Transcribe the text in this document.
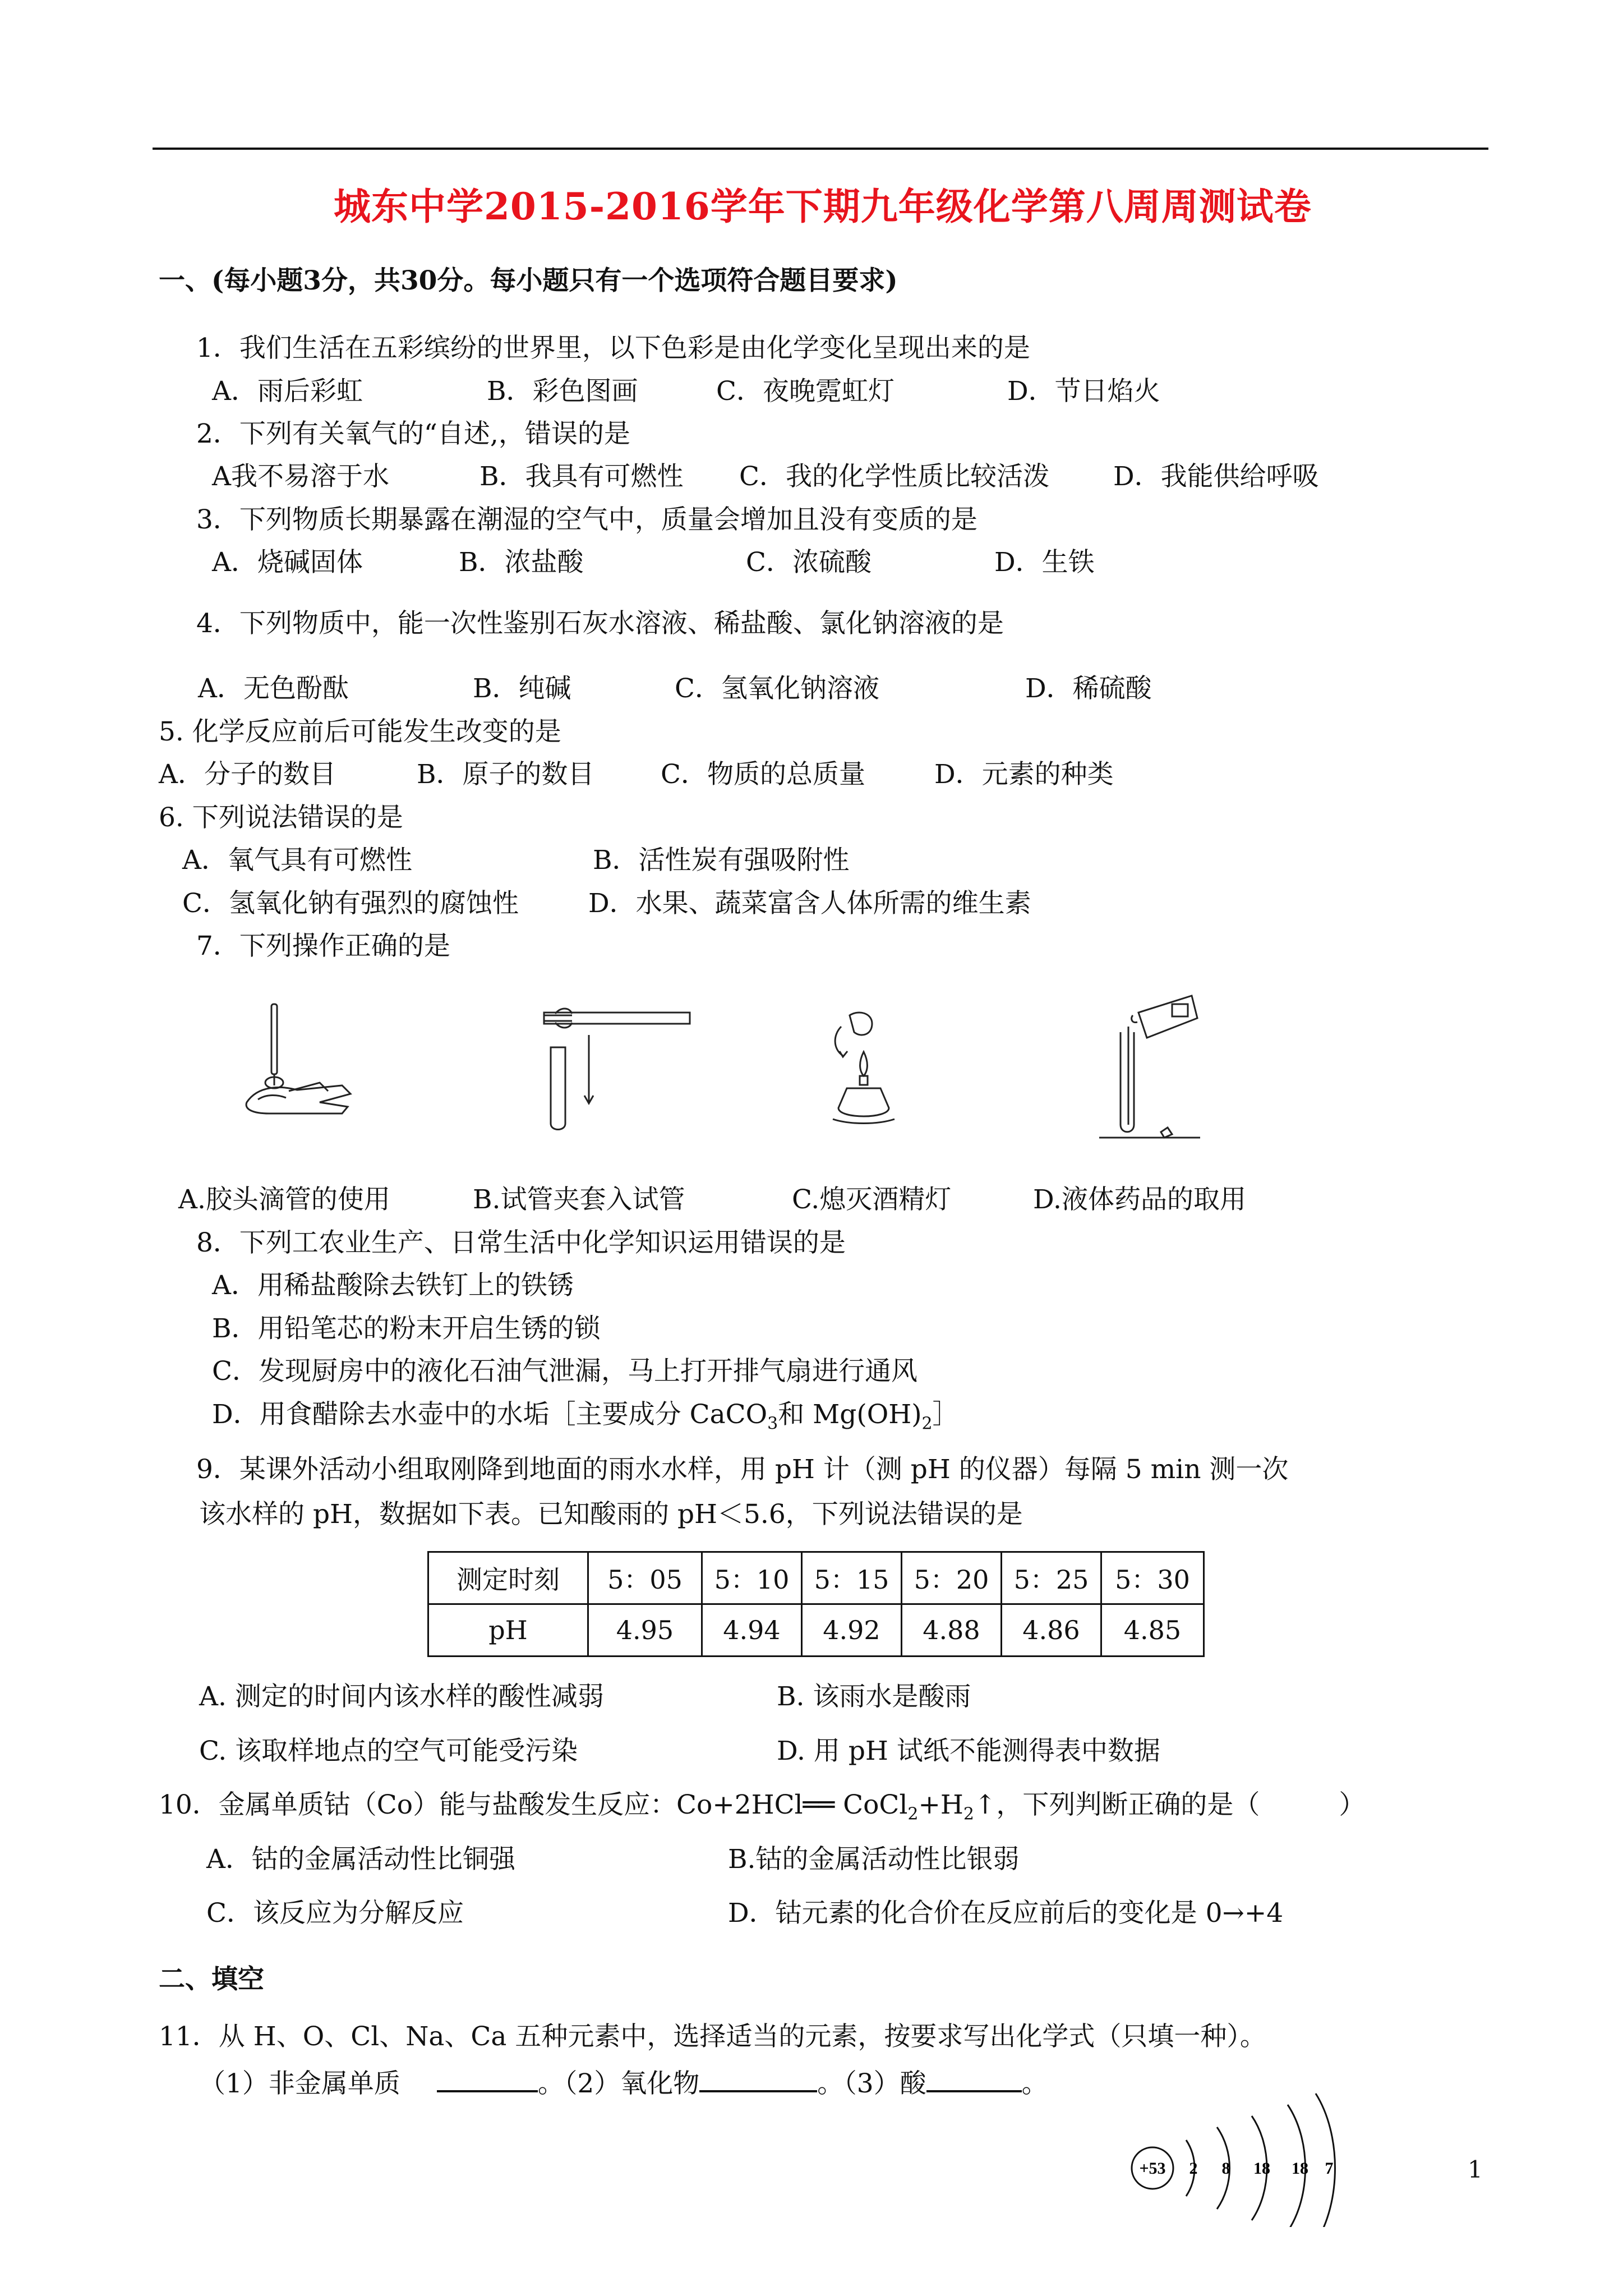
城东中学2015-2016学年下期九年级化学第八周周测试卷
一、(每小题3分，共30分。每小题只有一个选项符合题目要求)
1．我们生活在五彩缤纷的世界里，以下色彩是由化学变化呈现出来的是
A．雨后彩虹	B．彩色图画	C．夜晚霓虹灯	D．节日焰火
2．下列有关氧气的“自述,，错误的是
A我不易溶于水	B．我具有可燃性 C．我的化学性质比较活泼 D．我能供给呼吸
3．下列物质长期暴露在潮湿的空气中，质量会增加且没有变质的是
A．烧碱固体	B．浓盐酸	C．浓硫酸	D．生铁
4．下列物质中，能一次性鉴别石灰水溶液、稀盐酸、氯化钠溶液的是
A．无色酚酞	B．纯碱	C．氢氧化钠溶液	D．稀硫酸
5. 化学反应前后可能发生改变的是
A．分子的数目	B．原子的数目	C．物质的总质量	D．元素的种类
6. 下列说法错误的是
A．氧气具有可燃性	B．活性炭有强吸附性
C．氢氧化钠有强烈的腐蚀性	D．水果、蔬菜富含人体所需的维生素
7．下列操作正确的是
A.胶头滴管的使用	B.试管夹套入试管	C.熄灭酒精灯	D.液体药品的取用
8．下列工农业生产、日常生活中化学知识运用错误的是
A．用稀盐酸除去铁钉上的铁锈
B．用铅笔芯的粉末开启生锈的锁
C．发现厨房中的液化石油气泄漏，马上打开排气扇进行通风
D．用食醋除去水壶中的水垢［主要成分 CaCO$_3$和 $Mg(OH)_2]$
9．某课外活动小组取刚降到地面的雨水水样，用 pH 计（测 pH 的仪器）每隔 5 min 测一次
该水样的 pH，数据如下表。已知酸雨的 pH＜5.6，下列说法错误的是
测定时刻	5：05	5：10	5：15	5：20	5：25	5：30
pH	4.95	4.94	4.92	4.88	4.86	4.85
A. 测定的时间内该水样的酸性减弱	B. 该雨水是酸雨
C. 该取样地点的空气可能受污染	D. 用 pH 试纸不能测得表中数据
10．金属单质钴（Co）能与盐酸发生反应：Co+2HCl══ $CoCl_2+H_2↑$，下列判断正确的是（　　　）
A．钴的金属活动性比铜强	B.钴的金属活动性比银弱
C．该反应为分解反应	D．钴元素的化合价在反应前后的变化是 0→+4
二、填空
11．从 H、O、Cl、Na、Ca 五种元素中，选择适当的元素，按要求写出化学式（只填一种）。
（1）非金属单质	。（2）氧化物	。（3）酸	。
+53 2 8 18 18 7	1
